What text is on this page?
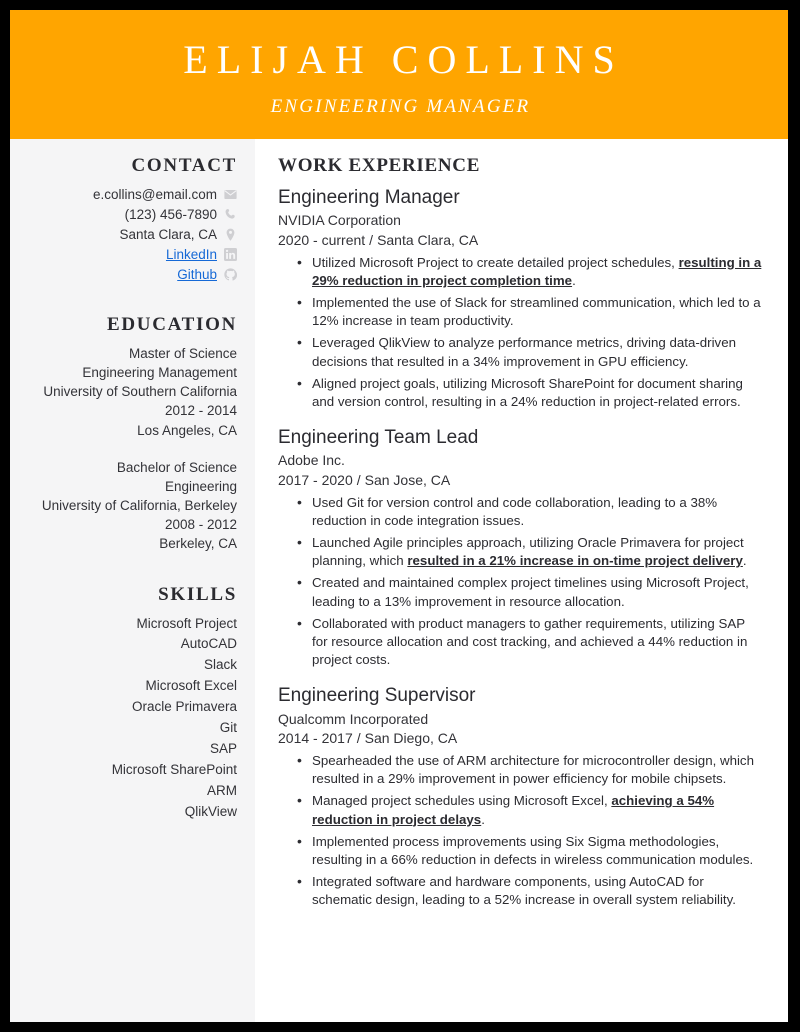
ELIJAH COLLINS
ENGINEERING MANAGER
CONTACT
e.collins@email.com
(123) 456-7890
Santa Clara, CA
LinkedIn
Github
EDUCATION
Master of Science
Engineering Management
University of Southern California
2012 - 2014
Los Angeles, CA
Bachelor of Science
Engineering
University of California, Berkeley
2008 - 2012
Berkeley, CA
SKILLS
Microsoft Project
AutoCAD
Slack
Microsoft Excel
Oracle Primavera
Git
SAP
Microsoft SharePoint
ARM
QlikView
WORK EXPERIENCE
Engineering Manager
NVIDIA Corporation
2020 - current / Santa Clara, CA
• Utilized Microsoft Project to create detailed project schedules, resulting in a 29% reduction in project completion time.
• Implemented the use of Slack for streamlined communication, which led to a 12% increase in team productivity.
• Leveraged QlikView to analyze performance metrics, driving data-driven decisions that resulted in a 34% improvement in GPU efficiency.
• Aligned project goals, utilizing Microsoft SharePoint for document sharing and version control, resulting in a 24% reduction in project-related errors.
Engineering Team Lead
Adobe Inc.
2017 - 2020 / San Jose, CA
• Used Git for version control and code collaboration, leading to a 38% reduction in code integration issues.
• Launched Agile principles approach, utilizing Oracle Primavera for project planning, which resulted in a 21% increase in on-time project delivery.
• Created and maintained complex project timelines using Microsoft Project, leading to a 13% improvement in resource allocation.
• Collaborated with product managers to gather requirements, utilizing SAP for resource allocation and cost tracking, and achieved a 44% reduction in project costs.
Engineering Supervisor
Qualcomm Incorporated
2014 - 2017 / San Diego, CA
• Spearheaded the use of ARM architecture for microcontroller design, which resulted in a 29% improvement in power efficiency for mobile chipsets.
• Managed project schedules using Microsoft Excel, achieving a 54% reduction in project delays.
• Implemented process improvements using Six Sigma methodologies, resulting in a 66% reduction in defects in wireless communication modules.
• Integrated software and hardware components, using AutoCAD for schematic design, leading to a 52% increase in overall system reliability.
